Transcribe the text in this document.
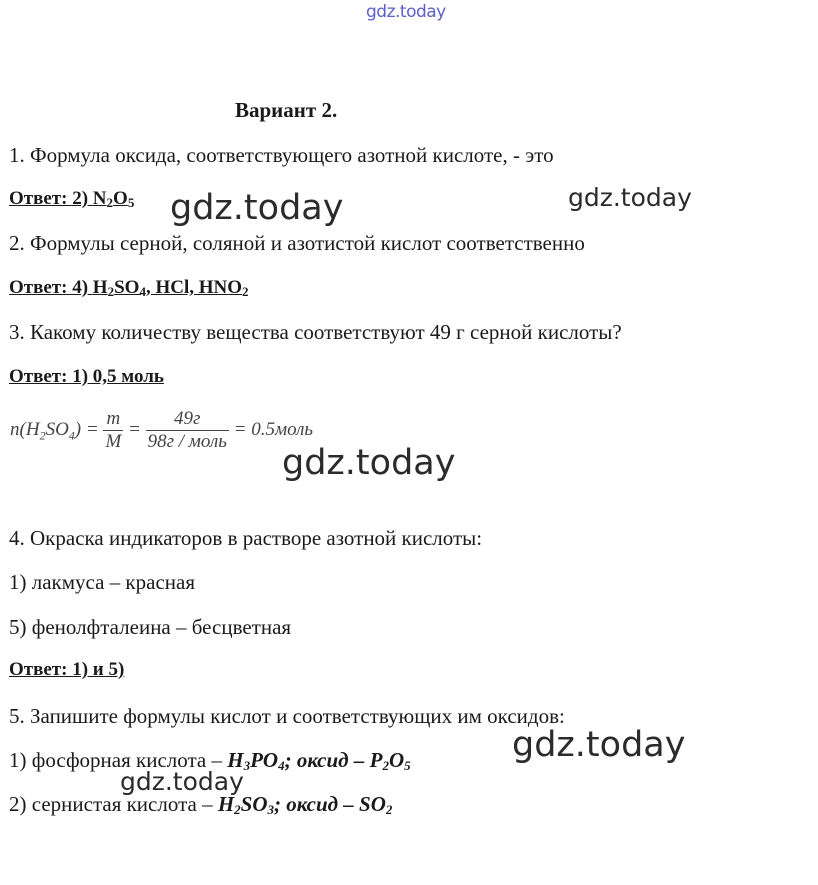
gdz.today
Вариант 2.
1. Формула оксида, соответствующего азотной кислоте, - это
Ответ: 2) $N_2O_5$ gdz.today	gdz.today
2. Формулы серной, соляной и азотистой кислот соответственно
Ответ: 4) $H_2SO_4$, HCl, $HNO_2$
3. Какому количеству вещества соответствуют 49 г серной кислоты?
Ответ: 1) 0,5 моль
$n(H_2SO_4) = \frac{m}{M} = \frac{49г}{\text{98г / моль}}$ = 0.5моль
gdz.today
4. Окраска индикаторов в растворе азотной кислоты:
1) лакмуса – красная
5) фенолфталеина – бесцветная
Ответ: 1) и 5)
5. Запишите формулы кислот и соответствующих им оксидов:
1) фосфорная кислота – $H_3PO_4$; оксид – $P_2O_5$
2) сернистая кислота – $H_2SO_3$; оксид – $SO_2$
gdz.today
gdz.today
